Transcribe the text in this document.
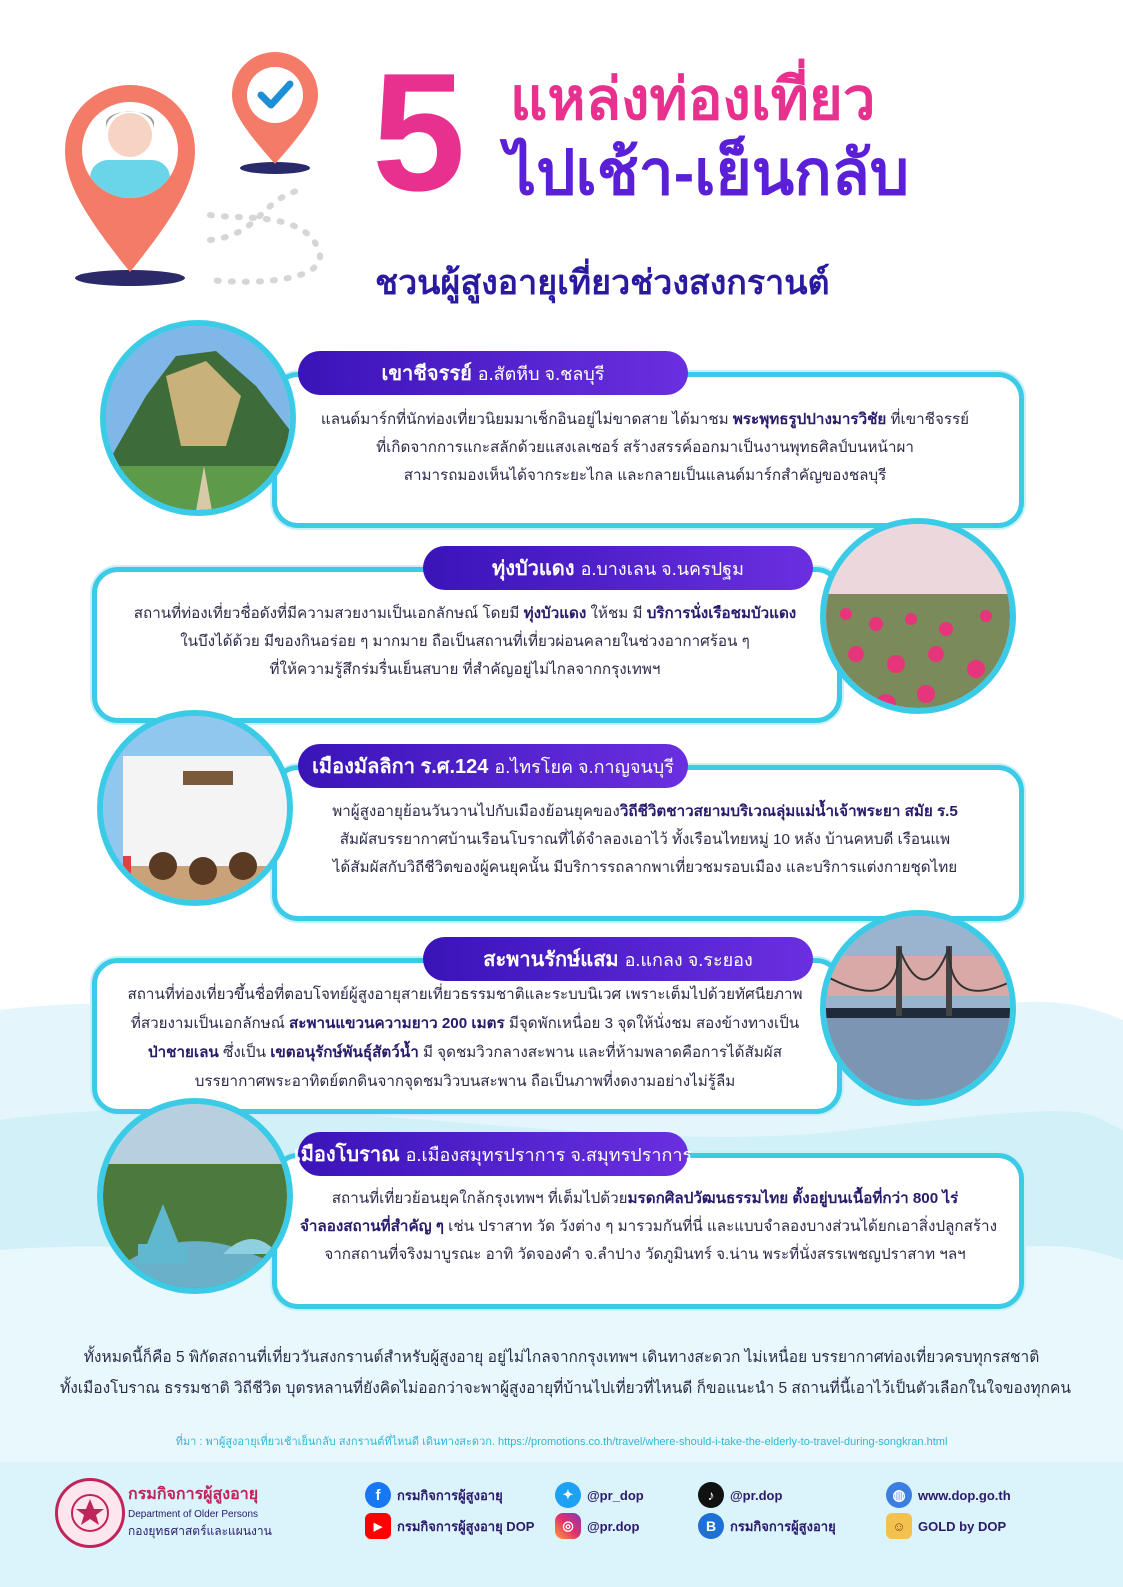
5 แหล่งท่องเที่ยว
ไปเช้า-เย็นกลับ
ชวนผู้สูงอายุเที่ยวช่วงสงกรานต์
เขาชีจรรย์ อ.สัตหีบ จ.ชลบุรี
แลนด์มาร์กที่นักท่องเที่ยวนิยมมาเช็กอินอยู่ไม่ขาดสาย ได้มาชม พระพุทธรูปปางมารวิชัย ที่เขาชีจรรย์
ที่เกิดจากการแกะสลักด้วยแสงเลเซอร์ สร้างสรรค์ออกมาเป็นงานพุทธศิลป์บนหน้าผา
สามารถมองเห็นได้จากระยะไกล และกลายเป็นแลนด์มาร์กสำคัญของชลบุรี
ทุ่งบัวแดง อ.บางเลน จ.นครปฐม
สถานที่ท่องเที่ยวชื่อดังที่มีความสวยงามเป็นเอกลักษณ์ โดยมี ทุ่งบัวแดง ให้ชม มี บริการนั่งเรือชมบัวแดง
ในบึงได้ด้วย มีของกินอร่อย ๆ มากมาย ถือเป็นสถานที่เที่ยวผ่อนคลายในช่วงอากาศร้อน ๆ
ที่ให้ความรู้สึกร่มรื่นเย็นสบาย ที่สำคัญอยู่ไม่ไกลจากกรุงเทพฯ
เมืองมัลลิกา ร.ศ.124 อ.ไทรโยค จ.กาญจนบุรี
พาผู้สูงอายุย้อนวันวานไปกับเมืองย้อนยุคของวิถีชีวิตชาวสยามบริเวณลุ่มแม่น้ำเจ้าพระยา สมัย ร.5
สัมผัสบรรยากาศบ้านเรือนโบราณที่ได้จำลองเอาไว้ ทั้งเรือนไทยหมู่ 10 หลัง บ้านคหบดี เรือนแพ
ได้สัมผัสกับวิถีชีวิตของผู้คนยุคนั้น มีบริการรถลากพาเที่ยวชมรอบเมือง และบริการแต่งกายชุดไทย
สะพานรักษ์แสม อ.แกลง จ.ระยอง
สถานที่ท่องเที่ยวขึ้นชื่อที่ตอบโจทย์ผู้สูงอายุสายเที่ยวธรรมชาติและระบบนิเวศ เพราะเต็มไปด้วยทัศนียภาพ
ที่สวยงามเป็นเอกลักษณ์ สะพานแขวนความยาว 200 เมตร มีจุดพักเหนื่อย 3 จุดให้นั่งชม สองข้างทางเป็น
ป่าชายเลน ซึ่งเป็น เขตอนุรักษ์พันธุ์สัตว์น้ำ มี จุดชมวิวกลางสะพาน และที่ห้ามพลาดคือการได้สัมผัส
บรรยากาศพระอาทิตย์ตกดินจากจุดชมวิวบนสะพาน ถือเป็นภาพที่งดงามอย่างไม่รู้ลืม
เมืองโบราณ อ.เมืองสมุทรปราการ จ.สมุทรปราการ
สถานที่เที่ยวย้อนยุคใกล้กรุงเทพฯ ที่เต็มไปด้วยมรดกศิลปวัฒนธรรมไทย ตั้งอยู่บนเนื้อที่กว่า 800 ไร่
จำลองสถานที่สำคัญ ๆ เช่น ปราสาท วัด วังต่าง ๆ มารวมกันที่นี่ และแบบจำลองบางส่วนได้ยกเอาสิ่งปลูกสร้าง
จากสถานที่จริงมาบูรณะ อาทิ วัดจองคำ จ.ลำปาง วัดภูมินทร์ จ.น่าน พระที่นั่งสรรเพชญปราสาท ฯลฯ
ทั้งหมดนี้ก็คือ 5 พิกัดสถานที่เที่ยววันสงกรานต์สำหรับผู้สูงอายุ อยู่ไม่ไกลจากกรุงเทพฯ เดินทางสะดวก ไม่เหนื่อย บรรยากาศท่องเที่ยวครบทุกรสชาติ
ทั้งเมืองโบราณ ธรรมชาติ วิถีชีวิต บุตรหลานที่ยังคิดไม่ออกว่าจะพาผู้สูงอายุที่บ้านไปเที่ยวที่ไหนดี ก็ขอแนะนำ 5 สถานที่นี้เอาไว้เป็นตัวเลือกในใจของทุกคน
ที่มา : พาผู้สูงอายุเที่ยวเช้าเย็นกลับ สงกรานต์ที่ไหนดี เดินทางสะดวก. https://promotions.co.th/travel/where-should-i-take-the-elderly-to-travel-during-songkran.html
กรมกิจการผู้สูงอายุ
Department of Older Persons
กองยุทธศาสตร์และแผนงาน
f	กรมกิจการผู้สูงอายุ
▶	กรมกิจการผู้สูงอายุ DOP
✦	@pr_dop
◎	@pr.dop
♪	@pr.dop
B	กรมกิจการผู้สูงอายุ
◍ www.dop.go.th
☺ GOLD by DOP
